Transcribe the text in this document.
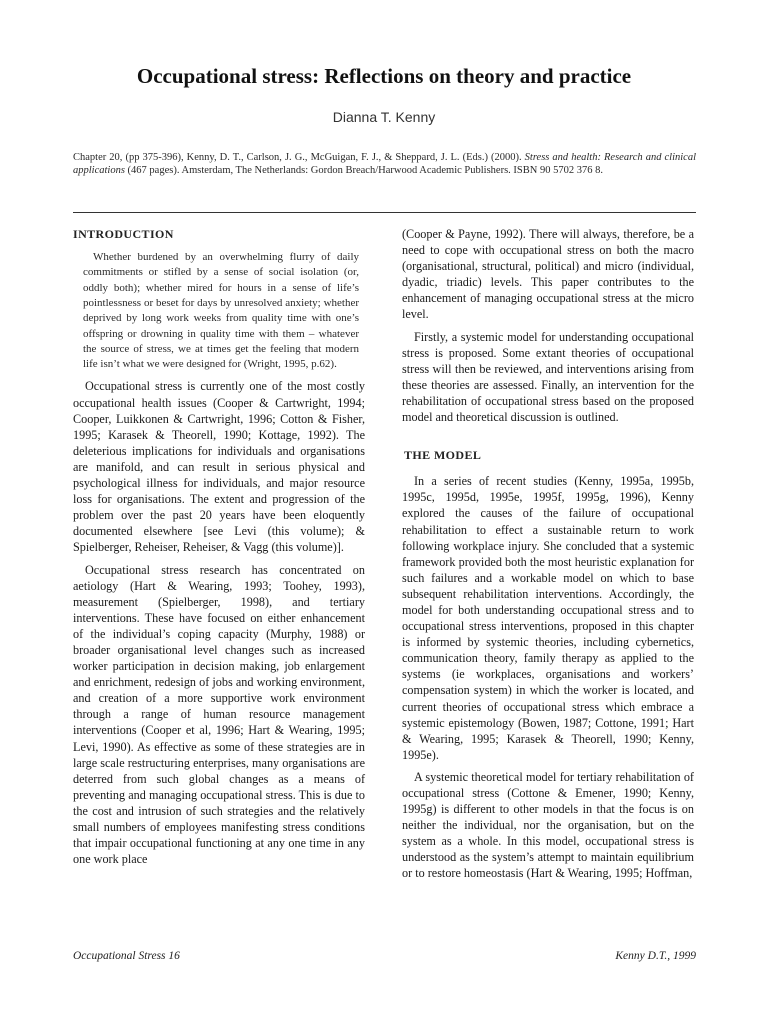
Occupational stress: Reflections on theory and practice
Dianna T. Kenny
Chapter 20, (pp 375-396), Kenny, D. T., Carlson, J. G., McGuigan, F. J., & Sheppard, J. L. (Eds.) (2000). Stress and health: Research and clinical applications (467 pages). Amsterdam, The Netherlands: Gordon Breach/Harwood Academic Publishers. ISBN 90 5702 376 8.
INTRODUCTION
Whether burdened by an overwhelming flurry of daily commitments or stifled by a sense of social isolation (or, oddly both); whether mired for hours in a sense of life’s pointlessness or beset for days by unresolved anxiety; whether deprived by long work weeks from quality time with one’s offspring or drowning in quality time with them – whatever the source of stress, we at times get the feeling that modern life isn’t what we were designed for (Wright, 1995, p.62).

Occupational stress is currently one of the most costly occupational health issues (Cooper & Cartwright, 1994; Cooper, Luikkonen & Cartwright, 1996; Cotton & Fisher, 1995; Karasek & Theorell, 1990; Kottage, 1992). The deleterious implications for individuals and organisations are manifold, and can result in serious physical and psychological illness for individuals, and major resource loss for organisations. The extent and progression of the problem over the past 20 years have been eloquently documented elsewhere [see Levi (this volume); & Spielberger, Reheiser, Reheiser, & Vagg (this volume)].

Occupational stress research has concentrated on aetiology (Hart & Wearing, 1993; Toohey, 1993), measurement (Spielberger, 1998), and tertiary interventions. These have focused on either enhancement of the individual’s coping capacity (Murphy, 1988) or broader organisational level changes such as increased worker participation in decision making, job enlargement and enrichment, redesign of jobs and working environment, and creation of a more supportive work environment through a range of human resource management interventions (Cooper et al, 1996; Hart & Wearing, 1995; Levi, 1990). As effective as some of these strategies are in large scale restructuring enterprises, many organisations are deterred from such global changes as a means of preventing and managing occupational stress. This is due to the cost and intrusion of such strategies and the relatively small numbers of employees manifesting stress conditions that impair occupational functioning at any one time in any one work place

(Cooper & Payne, 1992). There will always, therefore, be a need to cope with occupational stress on both the macro (organisational, structural, political) and micro (individual, dyadic, triadic) levels. This paper contributes to the enhancement of managing occupational stress at the micro level.

Firstly, a systemic model for understanding occupational stress is proposed. Some extant theories of occupational stress will then be reviewed, and interventions arising from these theories are assessed. Finally, an intervention for the rehabilitation of occupational stress based on the proposed model and theoretical discussion is outlined.

THE MODEL

In a series of recent studies (Kenny, 1995a, 1995b, 1995c, 1995d, 1995e, 1995f, 1995g, 1996), Kenny explored the causes of the failure of occupational rehabilitation to effect a sustainable return to work following workplace injury. She concluded that a systemic framework provided both the most heuristic explanation for such failures and a workable model on which to base subsequent rehabilitation interventions. Accordingly, the model for both understanding occupational stress and to occupational stress interventions, proposed in this chapter is informed by systemic theories, including cybernetics, communication theory, family therapy as applied to the systems (ie workplaces, organisations and workers’ compensation system) in which the worker is located, and current theories of occupational stress which embrace a systemic epistemology (Bowen, 1987; Cottone, 1991; Hart & Wearing, 1995; Karasek & Theorell, 1990; Kenny, 1995e).

A systemic theoretical model for tertiary rehabilitation of occupational stress (Cottone & Emener, 1990; Kenny, 1995g) is different to other models in that the focus is on neither the individual, nor the organisation, but on the system as a whole. In this model, occupational stress is understood as the system’s attempt to maintain equilibrium or to restore homeostasis (Hart & Wearing, 1995; Hoffman,

Occupational Stress 16	Kenny D.T., 1999
